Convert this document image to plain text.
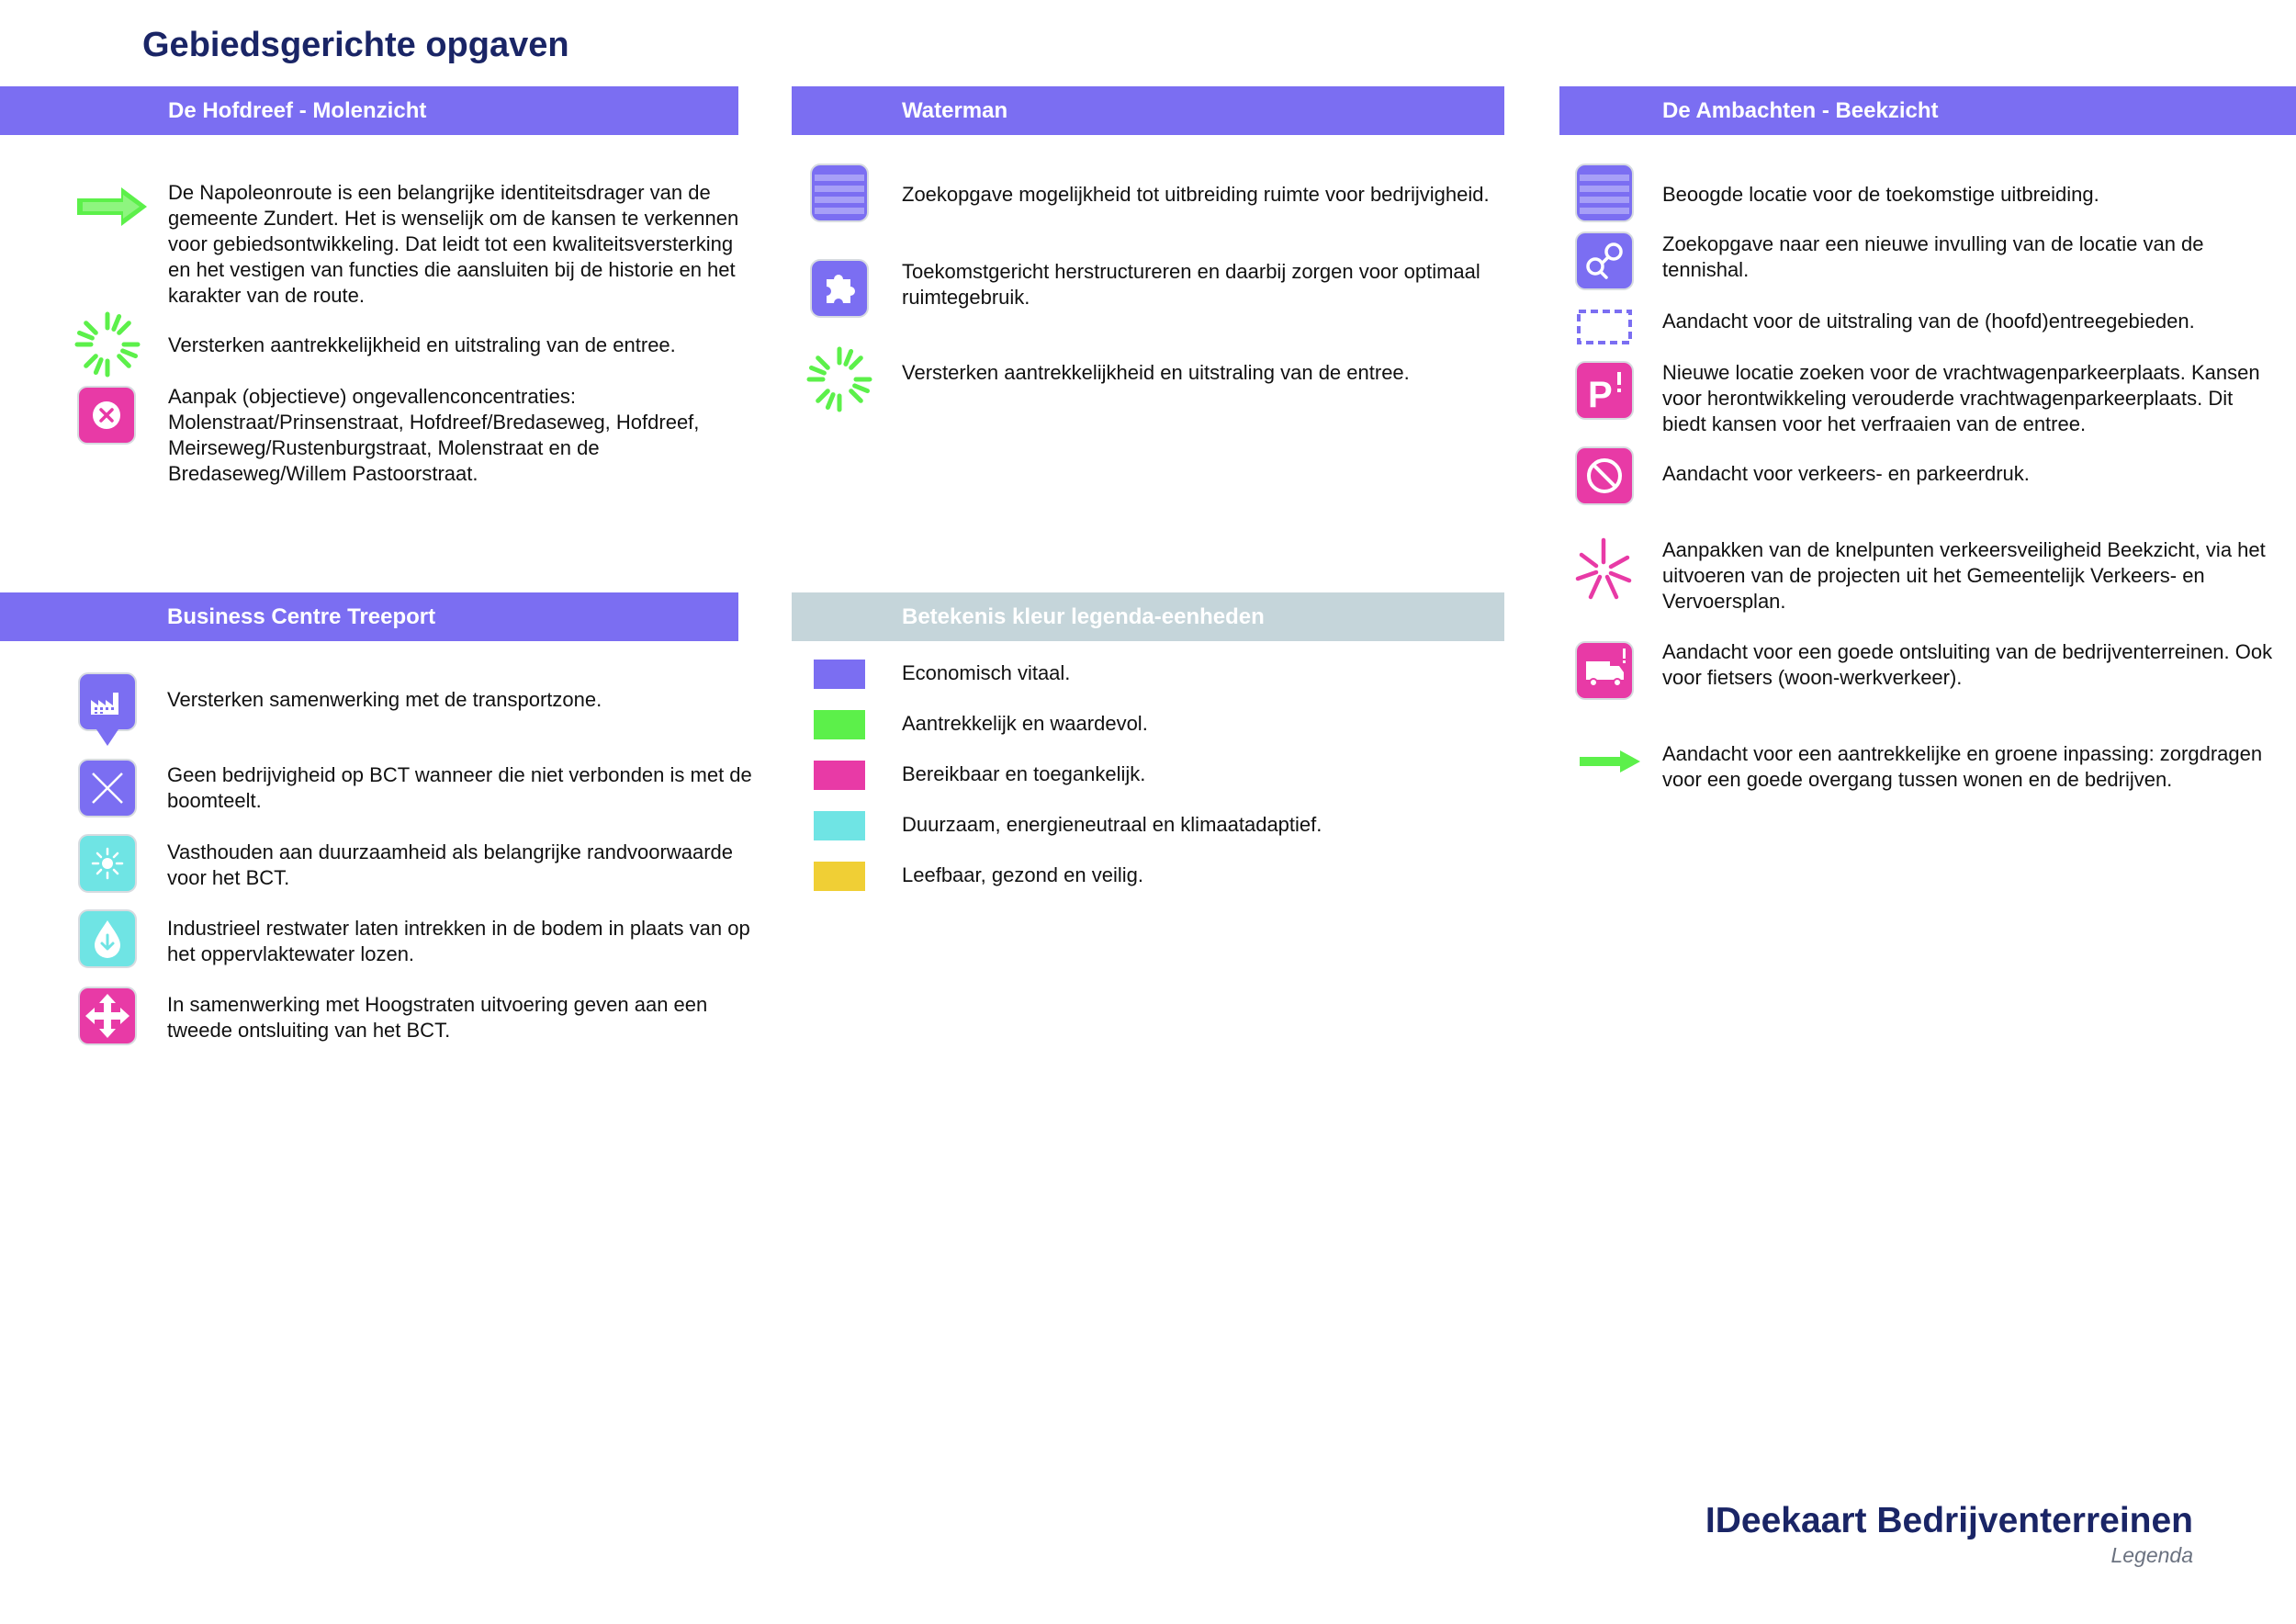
Gebiedsgerichte opgaven
De Hofdreef - Molenzicht

De Napoleonroute is een belangrijke identiteitsdrager van de gemeente Zundert. Het is wenselijk om de kansen te verkennen voor gebiedsontwikkeling. Dat leidt tot een kwaliteitsversterking en het vestigen van functies die aansluiten bij de historie en het karakter van de route.

Versterken aantrekkelijkheid en uitstraling van de entree.

Aanpak (objectieve) ongevallenconcentraties: Molenstraat/Prinsenstraat, Hofdreef/Bredaseweg, Hofdreef, Meirseweg/Rustenburgstraat, Molenstraat en de Bredaseweg/Willem Pastoorstraat.

Waterman

Zoekopgave mogelijkheid tot uitbreiding ruimte voor bedrijvigheid.

Toekomstgericht herstructureren en daarbij zorgen voor optimaal ruimtegebruik.

Versterken aantrekkelijkheid en uitstraling van de entree.

De Ambachten - Beekzicht

Beoogde locatie voor de toekomstige uitbreiding.

Zoekopgave naar een nieuwe invulling van de locatie van de tennishal.

Aandacht voor de uitstraling van de (hoofd)entreegebieden.

P

Nieuwe locatie zoeken voor de vrachtwagenparkeerplaats. Kansen voor herontwikkeling verouderde vrachtwagenparkeerplaats. Dit biedt kansen voor het verfraaien van de entree.

Aandacht voor verkeers- en parkeerdruk.

Aanpakken van de knelpunten verkeersveiligheid Beekzicht, via het uitvoeren van de projecten uit het Gemeentelijk Verkeers- en Vervoersplan.

Aandacht voor een goede ontsluiting van de bedrijventerreinen. Ook voor fietsers (woon-werkverkeer).

Aandacht voor een aantrekkelijke en groene inpassing: zorgdragen voor een goede overgang tussen wonen en de bedrijven.

Business Centre Treeport

Versterken samenwerking met de transportzone.

Geen bedrijvigheid op BCT wanneer die niet verbonden is met de boomteelt.

Vasthouden aan duurzaamheid als belangrijke randvoorwaarde voor het BCT.

Industrieel restwater laten intrekken in de bodem in plaats van op het oppervlaktewater lozen.

In samenwerking met Hoogstraten uitvoering geven aan een tweede ontsluiting van het BCT.

Betekenis kleur legenda-eenheden

Economisch vitaal.

Aantrekkelijk en waardevol.

Bereikbaar en toegankelijk.

Duurzaam, energieneutraal en klimaatadaptief.

Leefbaar, gezond en veilig.

IDeekaart Bedrijventerreinen
Legenda
